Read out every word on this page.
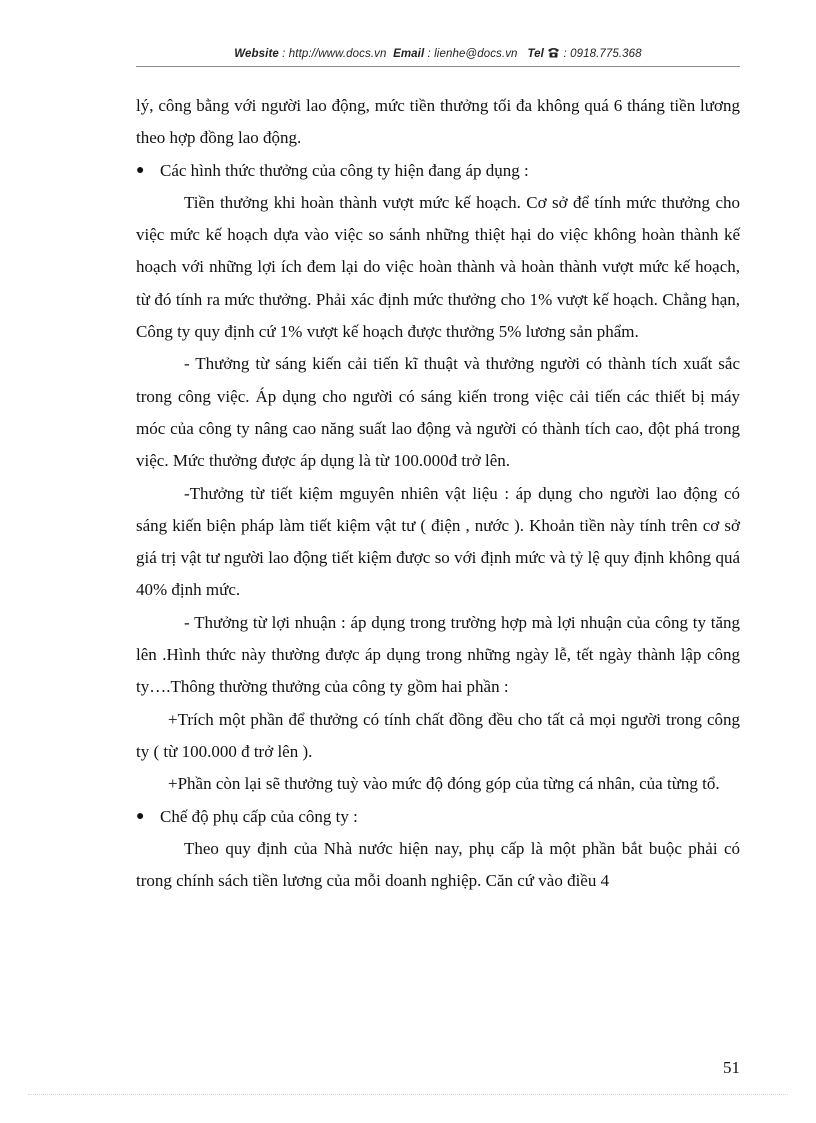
Website : http://www.docs.vn Email : lienhe@docs.vn Tel  : 0918.775.368

lý, công bằng với người lao động, mức tiền thưởng tối đa không quá 6 tháng tiền lương theo hợp đồng lao động.

● Các hình thức thưởng của công ty hiện đang áp dụng :

Tiền thưởng khi hoàn thành vượt mức kế hoạch. Cơ sở để tính mức thưởng cho việc mức kế hoạch dựa vào việc so sánh những thiệt hại do việc không hoàn thành kế hoạch với những lợi ích đem lại do việc hoàn thành và hoàn thành vượt mức kế hoạch, từ đó tính ra mức thưởng. Phải xác định mức thưởng cho 1% vượt kế hoạch. Chẳng hạn, Công ty quy định cứ 1% vượt kế hoạch được thưởng 5% lương sản phẩm.

- Thưởng từ sáng kiến cải tiến kĩ thuật và thưởng người có thành tích xuất sắc trong công việc. Áp dụng cho người có sáng kiến trong việc cải tiến các thiết bị máy móc của công ty nâng cao năng suất lao động và người có thành tích cao, đột phá trong việc. Mức thưởng được áp dụng là từ 100.000đ trở lên.

-Thưởng từ tiết kiệm mguyên nhiên vật liệu : áp dụng cho người lao động có sáng kiến biện pháp làm tiết kiệm vật tư ( điện , nước ). Khoản tiền này tính trên cơ sở giá trị vật tư người lao động tiết kiệm được so với định mức và tỷ lệ quy định không quá 40% định mức.

- Thưởng từ lợi nhuận : áp dụng trong trường hợp mà lợi nhuận của công ty tăng lên .Hình thức này thường được áp dụng trong những ngày lễ, tết ngày thành lập công ty….Thông thường thưởng của công ty gồm hai phần :

+Trích một phần để thưởng có tính chất đồng đều cho tất cả mọi người trong công ty ( từ 100.000 đ trở lên ).

+Phần còn lại sẽ thưởng tuỳ vào mức độ đóng góp của từng cá nhân, của từng tổ.

● Chế độ phụ cấp của công ty :

Theo quy định của Nhà nước hiện nay, phụ cấp là một phần bắt buộc phải có trong chính sách tiền lương của mỗi doanh nghiệp. Căn cứ vào điều 4

51
